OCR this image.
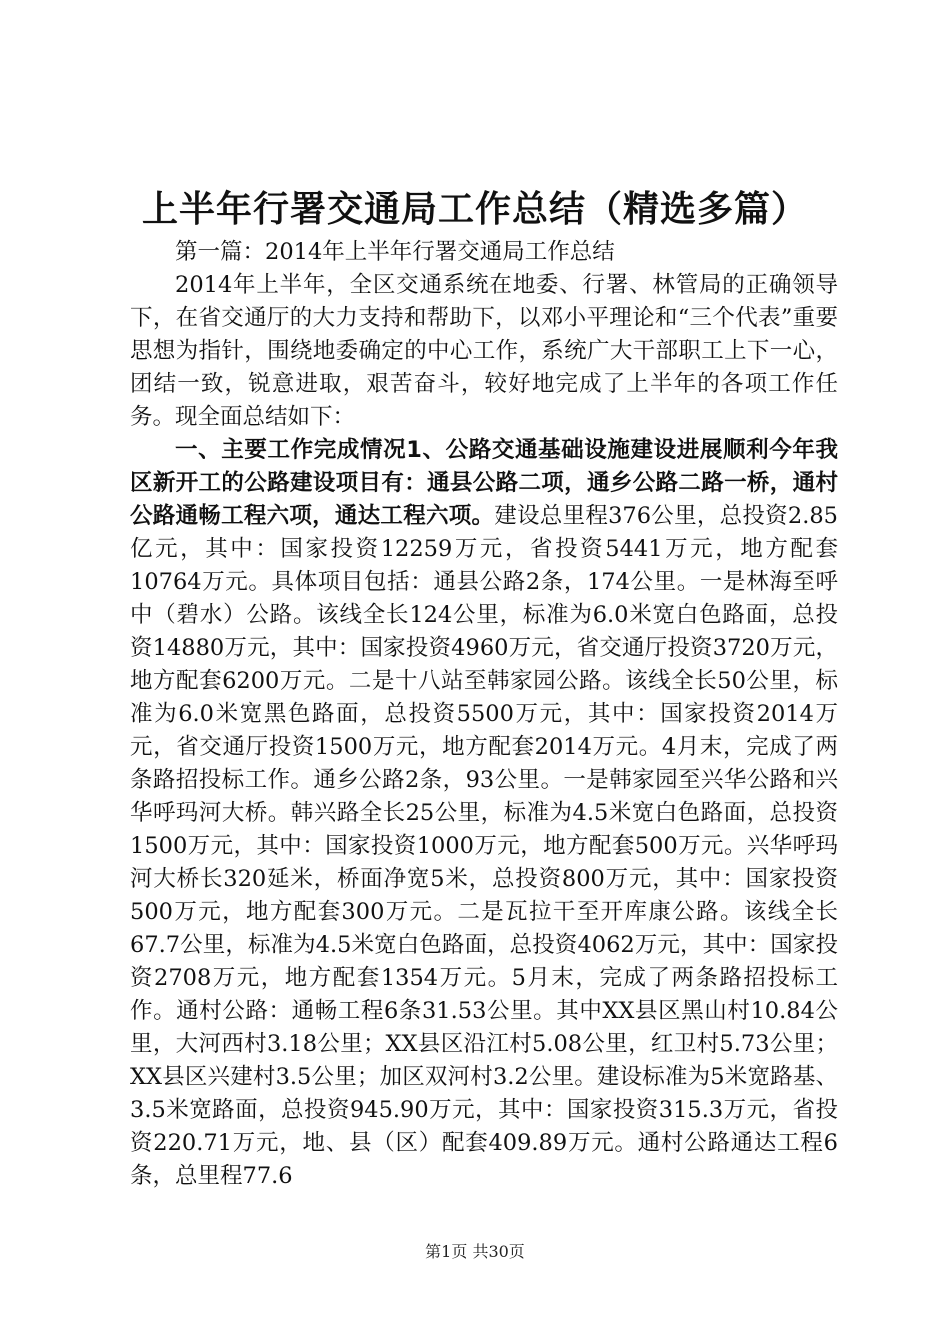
上半年行署交通局工作总结（精选多篇）

第一篇：2014年上半年行署交通局工作总结

2014年上半年，全区交通系统在地委、行署、林管局的正确领导下，在省交通厅的大力支持和帮助下，以邓小平理论和“三个代表”重要思想为指针，围绕地委确定的中心工作，系统广大干部职工上下一心，团结一致，锐意进取，艰苦奋斗，较好地完成了上半年的各项工作任务。现全面总结如下：

一、主要工作完成情况1、公路交通基础设施建设进展顺利今年我区新开工的公路建设项目有：通县公路二项，通乡公路二路一桥，通村公路通畅工程六项，通达工程六项。建设总里程376公里，总投资2.85亿元，其中：国家投资12259万元，省投资5441万元，地方配套10764万元。具体项目包括：通县公路2条，174公里。一是林海至呼中（碧水）公路。该线全长124公里，标准为6.0米宽白色路面，总投资14880万元，其中：国家投资4960万元，省交通厅投资3720万元，地方配套6200万元。二是十八站至韩家园公路。该线全长50公里，标准为6.0米宽黑色路面，总投资5500万元，其中：国家投资2014万元，省交通厅投资1500万元，地方配套2014万元。4月末，完成了两条路招投标工作。通乡公路2条，93公里。一是韩家园至兴华公路和兴华呼玛河大桥。韩兴路全长25公里，标准为4.5米宽白色路面，总投资1500万元，其中：国家投资1000万元，地方配套500万元。兴华呼玛河大桥长320延米，桥面净宽5米，总投资800万元，其中：国家投资500万元，地方配套300万元。二是瓦拉干至开库康公路。该线全长67.7公里，标准为4.5米宽白色路面，总投资4062万元，其中：国家投资2708万元，地方配套1354万元。5月末，完成了两条路招投标工作。通村公路：通畅工程6条31.53公里。其中XX县区黑山村10.84公里，大河西村3.18公里；XX县区沿江村5.08公里，红卫村5.73公里；XX县区兴建村3.5公里；加区双河村3.2公里。建设标准为5米宽路基、3.5米宽路面，总投资945.90万元，其中：国家投资315.3万元，省投资220.71万元，地、县（区）配套409.89万元。通村公路通达工程6条，总里程77.6

第1页 共30页
